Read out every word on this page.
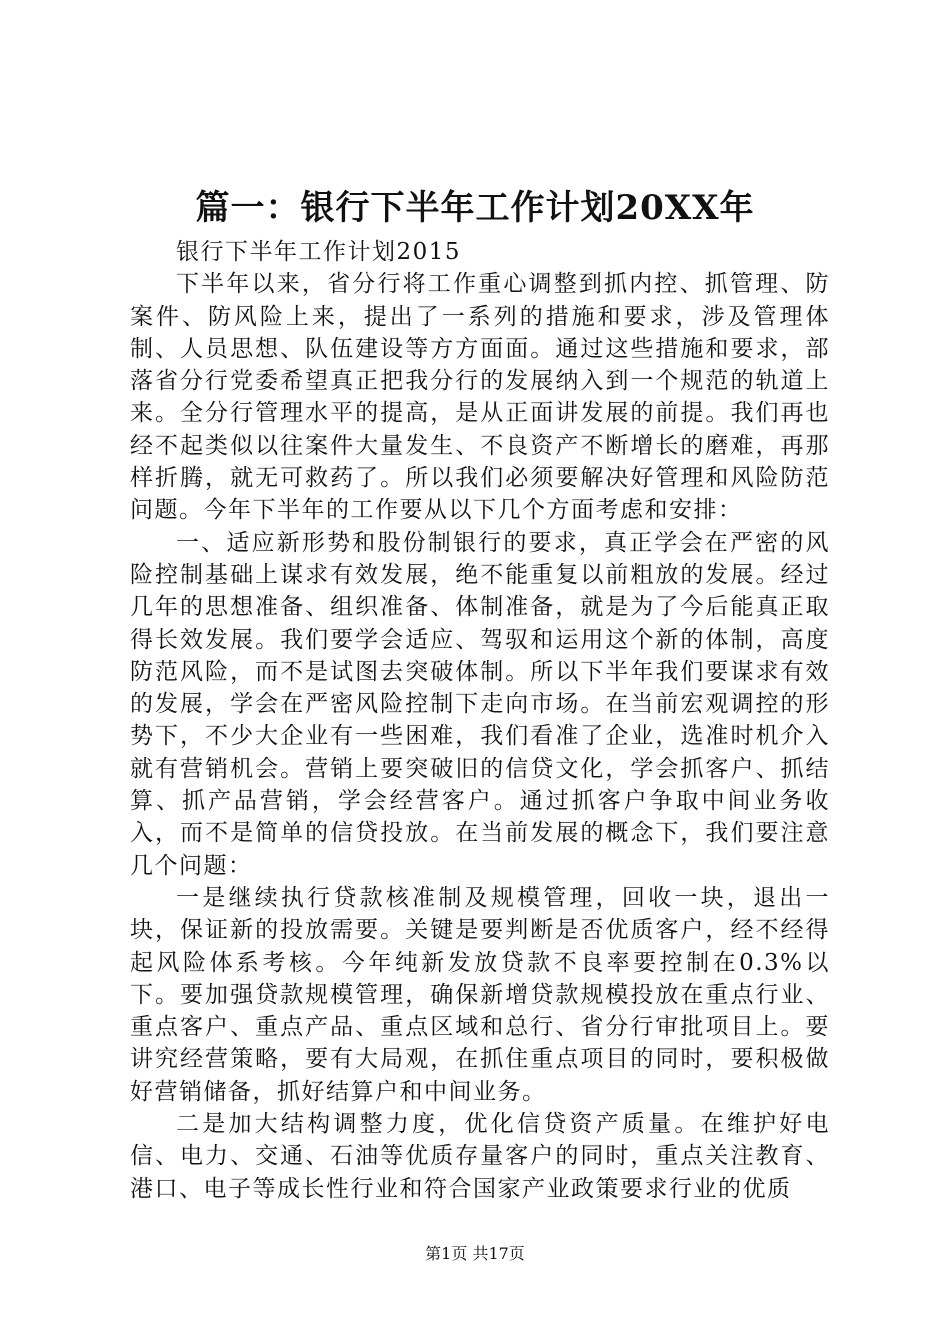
篇一：银行下半年工作计划20XX年

银行下半年工作计划2015

下半年以来，省分行将工作重心调整到抓内控、抓管理、防案件、防风险上来，提出了一系列的措施和要求，涉及管理体制、人员思想、队伍建设等方方面面。通过这些措施和要求，部落省分行党委希望真正把我分行的发展纳入到一个规范的轨道上来。全分行管理水平的提高，是从正面讲发展的前提。我们再也经不起类似以往案件大量发生、不良资产不断增长的磨难，再那样折腾，就无可救药了。所以我们必须要解决好管理和风险防范问题。今年下半年的工作要从以下几个方面考虑和安排：

一、适应新形势和股份制银行的要求，真正学会在严密的风险控制基础上谋求有效发展，绝不能重复以前粗放的发展。经过几年的思想准备、组织准备、体制准备，就是为了今后能真正取得长效发展。我们要学会适应、驾驭和运用这个新的体制，高度防范风险，而不是试图去突破体制。所以下半年我们要谋求有效的发展，学会在严密风险控制下走向市场。在当前宏观调控的形势下，不少大企业有一些困难，我们看准了企业，选准时机介入就有营销机会。营销上要突破旧的信贷文化，学会抓客户、抓结算、抓产品营销，学会经营客户。通过抓客户争取中间业务收入，而不是简单的信贷投放。在当前发展的概念下，我们要注意几个问题：

一是继续执行贷款核准制及规模管理，回收一块，退出一块，保证新的投放需要。关键是要判断是否优质客户，经不经得起风险体系考核。今年纯新发放贷款不良率要控制在0.3%以下。要加强贷款规模管理，确保新增贷款规模投放在重点行业、重点客户、重点产品、重点区域和总行、省分行审批项目上。要讲究经营策略，要有大局观，在抓住重点项目的同时，要积极做好营销储备，抓好结算户和中间业务。

二是加大结构调整力度，优化信贷资产质量。在维护好电信、电力、交通、石油等优质存量客户的同时，重点关注教育、港口、电子等成长性行业和符合国家产业政策要求行业的优质

第1页 共17页
